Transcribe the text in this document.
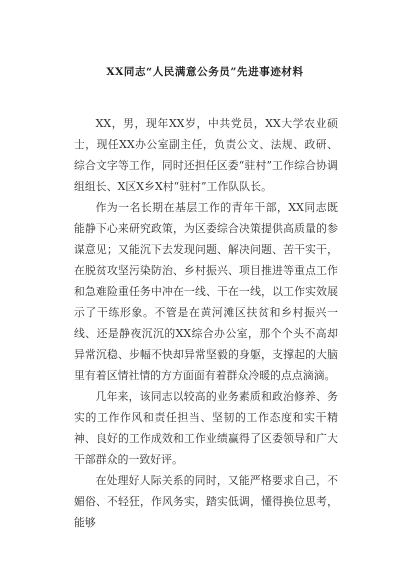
XX同志“人民满意公务员”先进事迹材料

XX，男，现年XX岁，中共党员，XX大学农业硕士，现任XX办公室副主任，负责公文、法规、政研、综合文字等工作，同时还担任区委“驻村”工作综合协调组组长、X区X乡X村“驻村”工作队队长。

作为一名长期在基层工作的青年干部，XX同志既能静下心来研究政策，为区委综合决策提供高质量的参谋意见；又能沉下去发现问题、解决问题、苦干实干，在脱贫攻坚污染防治、乡村振兴、项目推进等重点工作和急难险重任务中冲在一线、干在一线，以工作实效展示了干练形象。不管是在黄河滩区扶贫和乡村振兴一线、还是静夜沉沉的XX综合办公室，那个个头不高却异常沉稳、步幅不快却异常坚毅的身躯，支撑起的大脑里有着区情社情的方方面面有着群众冷暖的点点滴滴。

几年来，该同志以较高的业务素质和政治修养、务实的工作作风和责任担当、坚韧的工作态度和实干精神、良好的工作成效和工作业绩赢得了区委领导和广大干部群众的一致好评。

在处理好人际关系的同时，又能严格要求自己，不媚俗、不轻狂，作风务实，踏实低调，懂得换位思考，能够
